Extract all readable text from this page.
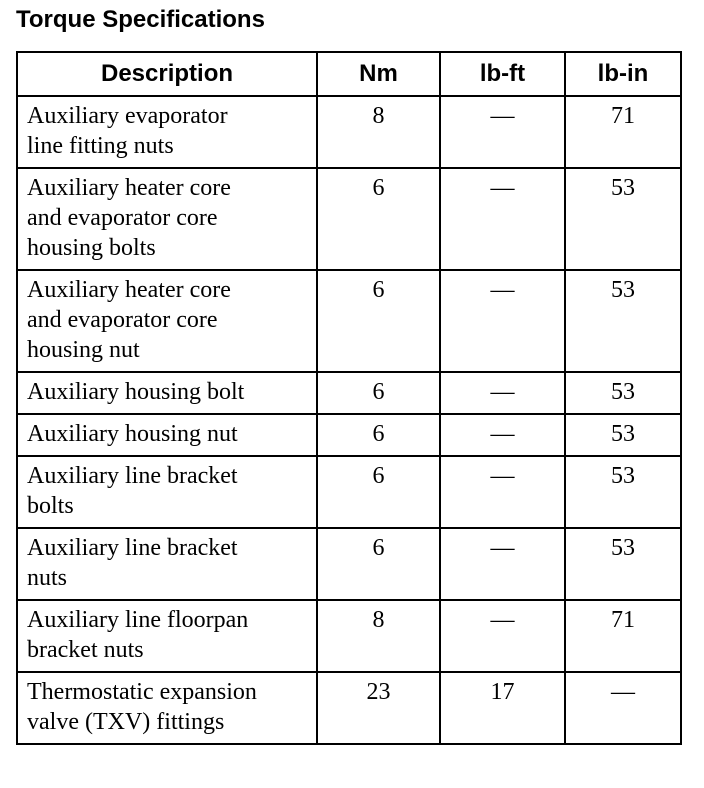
Torque Specifications
Description	Nm	lb-ft	lb-in

Auxiliary evaporator
line fitting nuts	8	—	71

Auxiliary heater core
and evaporator core
housing bolts	6	—	53

Auxiliary heater core
and evaporator core
housing nut	6	—	53

Auxiliary housing bolt	6	—	53

Auxiliary housing nut	6	—	53

Auxiliary line bracket
bolts	6	—	53

Auxiliary line bracket
nuts	6	—	53

Auxiliary line floorpan
bracket nuts	8	—	71

Thermostatic expansion
valve (TXV) fittings	23	17	—
